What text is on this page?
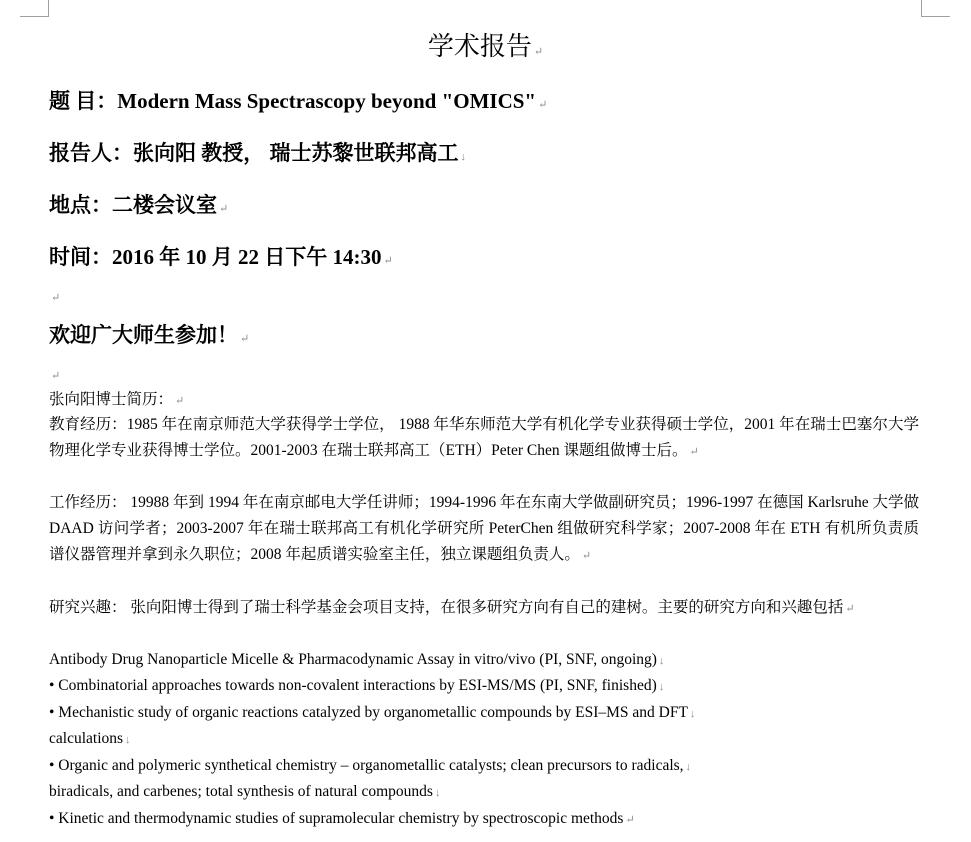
学术报告 ↵
题 目：Modern Mass Spectrascopy beyond "OMICS" ↵
报告人：张向阳 教授， 瑞士苏黎世联邦高工 ↓
地点：二楼会议室 ↵
时间：2016 年 10 月 22 日下午 14:30 ↵
↵
欢迎广大师生参加！ ↵
↵
张向阳博士简历： ↵
教育经历：1985 年在南京师范大学获得学士学位， 1988 年华东师范大学有机化学专业获得硕士学位，2001 年在瑞士巴塞尔大学物理化学专业获得博士学位。2001-2003 在瑞士联邦高工（ETH）Peter Chen 课题组做博士后。 ↵
工作经历： 19988 年到 1994 年在南京邮电大学任讲师；1994-1996 年在东南大学做副研究员；1996-1997 在德国 Karlsruhe 大学做 DAAD 访问学者；2003-2007 年在瑞士联邦高工有机化学研究所 PeterChen 组做研究科学家；2007-2008 年在 ETH 有机所负责质谱仪器管理并拿到永久职位；2008 年起质谱实验室主任，独立课题组负责人。 ↵
研究兴趣： 张向阳博士得到了瑞士科学基金会项目支持，在很多研究方向有自己的建树。主要的研究方向和兴趣包括 ↵
Antibody Drug Nanoparticle Micelle & Pharmacodynamic Assay in vitro/vivo (PI, SNF, ongoing) ↓
• Combinatorial approaches towards non-covalent interactions by ESI-MS/MS (PI, SNF, finished) ↓
• Mechanistic study of organic reactions catalyzed by organometallic compounds by ESI–MS and DFT ↓
calculations ↓
• Organic and polymeric synthetical chemistry – organometallic catalysts; clean precursors to radicals, ↓
biradicals, and carbenes; total synthesis of natural compounds ↓
• Kinetic and thermodynamic studies of supramolecular chemistry by spectroscopic methods ↵
